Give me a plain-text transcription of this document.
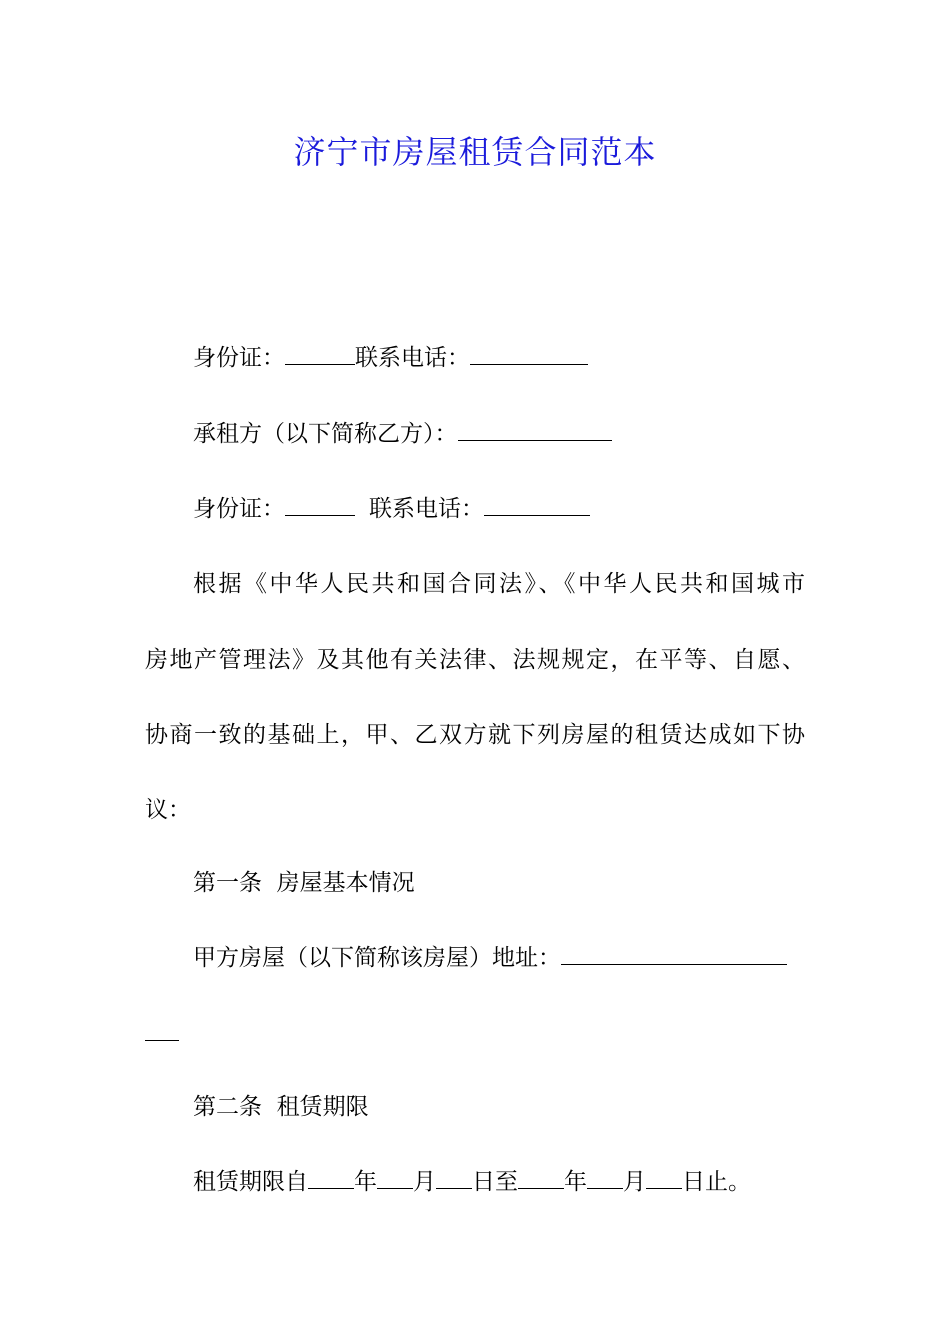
济宁市房屋租赁合同范本
身份证：	联系电话：
承租方（以下简称乙方）：
身份证：	联系电话：
根据《中华人民共和国合同法》、《中华人民共和国城市
房地产管理法》及其他有关法律、法规规定，在平等、自愿、
协商一致的基础上，甲、乙双方就下列房屋的租赁达成如下协
议：
第一条  房屋基本情况
甲方房屋（以下简称该房屋）地址：
第二条  租赁期限
租赁期限自 年 月 日至 年 月 日止。
